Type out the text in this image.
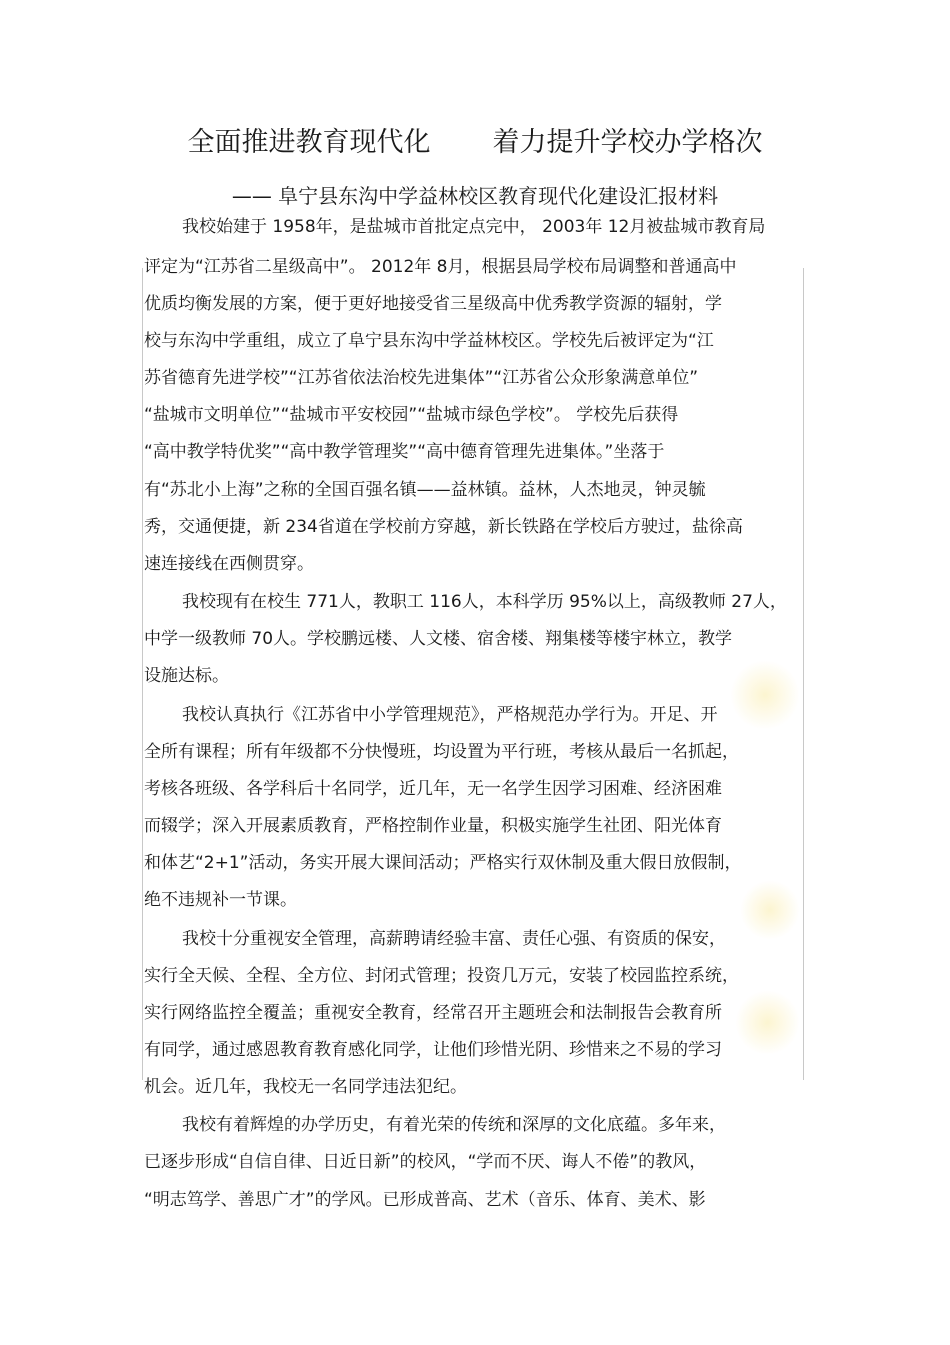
全面推进教育现代化 着力提升学校办学格次
—— 阜宁县东沟中学益林校区教育现代化建设汇报材料
我校始建于 1958年，是盐城市首批定点完中， 2003年 12月被盐城市教育局
评定为“江苏省二星级高中”。 2012年 8月，根据县局学校布局调整和普通高中
优质均衡发展的方案，便于更好地接受省三星级高中优秀教学资源的辐射，学
校与东沟中学重组，成立了阜宁县东沟中学益林校区。学校先后被评定为“江
苏省德育先进学校”“江苏省依法治校先进集体”“江苏省公众形象满意单位”
“盐城市文明单位”“盐城市平安校园”“盐城市绿色学校”。 学校先后获得
“高中教学特优奖”“高中教学管理奖”“高中德育管理先进集体。”坐落于
有“苏北小上海”之称的全国百强名镇——益林镇。益林，人杰地灵，钟灵毓
秀，交通便捷，新 234省道在学校前方穿越，新长铁路在学校后方驶过，盐徐高
速连接线在西侧贯穿。
我校现有在校生 771人，教职工 116人，本科学历 95%以上，高级教师 27人，
中学一级教师 70人。学校鹏远楼、人文楼、宿舍楼、翔集楼等楼宇林立，教学
设施达标。
我校认真执行《江苏省中小学管理规范》，严格规范办学行为。开足、开
全所有课程；所有年级都不分快慢班，均设置为平行班，考核从最后一名抓起，
考核各班级、各学科后十名同学，近几年，无一名学生因学习困难、经济困难
而辍学；深入开展素质教育，严格控制作业量，积极实施学生社团、阳光体育
和体艺“2+1”活动，务实开展大课间活动；严格实行双休制及重大假日放假制，
绝不违规补一节课。
我校十分重视安全管理，高薪聘请经验丰富、责任心强、有资质的保安，
实行全天候、全程、全方位、封闭式管理；投资几万元，安装了校园监控系统，
实行网络监控全覆盖；重视安全教育，经常召开主题班会和法制报告会教育所
有同学，通过感恩教育教育感化同学，让他们珍惜光阴、珍惜来之不易的学习
机会。近几年，我校无一名同学违法犯纪。
我校有着辉煌的办学历史，有着光荣的传统和深厚的文化底蕴。多年来，
已逐步形成“自信自律、日近日新”的校风，“学而不厌、诲人不倦”的教风，
“明志笃学、善思广才”的学风。已形成普高、艺术（音乐、体育、美术、影
